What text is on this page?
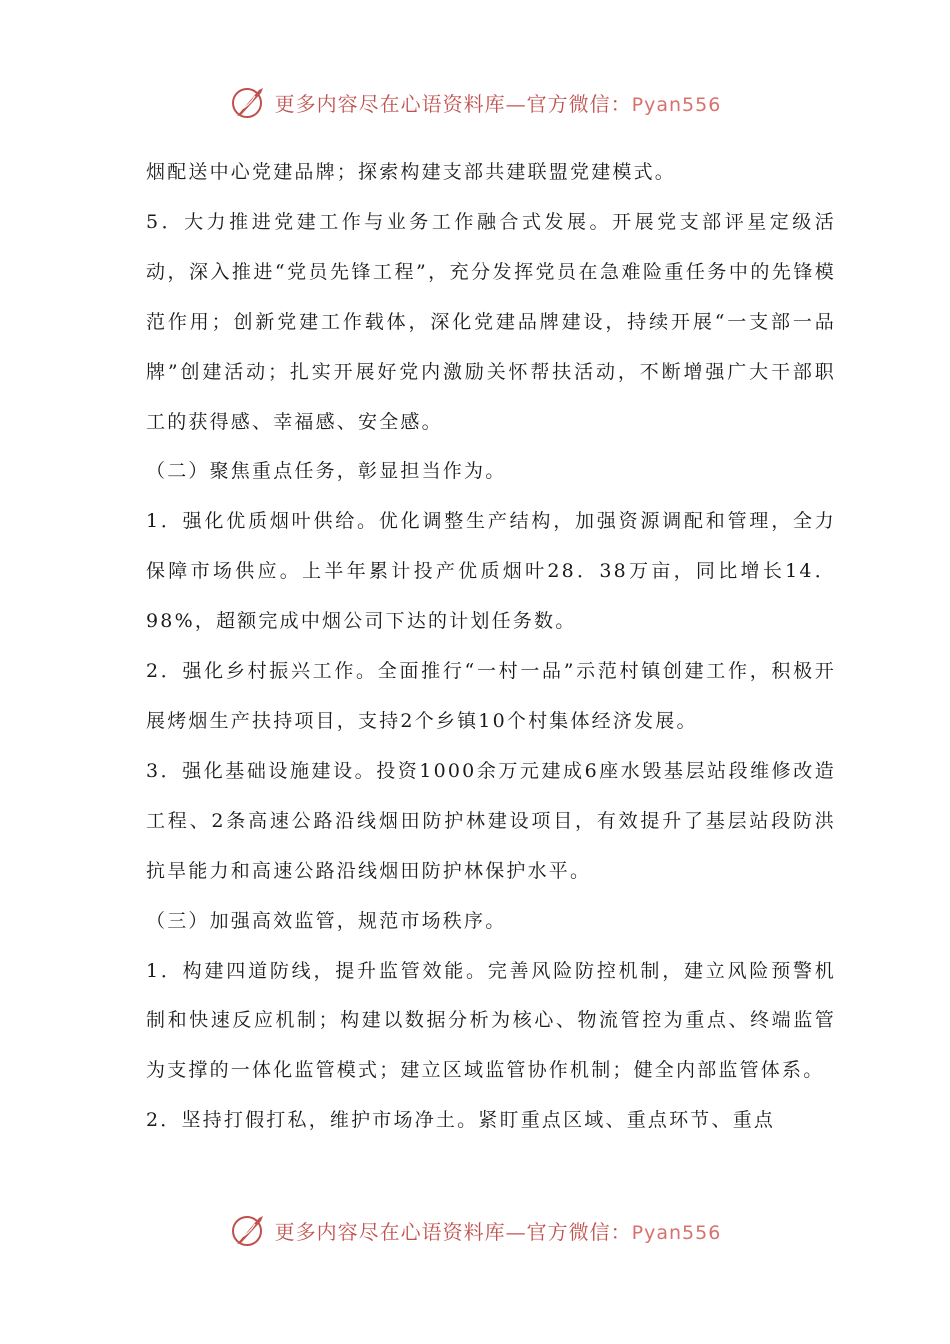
更多内容尽在心语资料库—官方微信：Pyan556

烟配送中心党建品牌；探索构建支部共建联盟党建模式。

5．大力推进党建工作与业务工作融合式发展。开展党支部评星定级活动，深入推进“党员先锋工程”，充分发挥党员在急难险重任务中的先锋模范作用；创新党建工作载体，深化党建品牌建设，持续开展“一支部一品牌”创建活动；扎实开展好党内激励关怀帮扶活动，不断增强广大干部职工的获得感、幸福感、安全感。

（二）聚焦重点任务，彰显担当作为。

1．强化优质烟叶供给。优化调整生产结构，加强资源调配和管理，全力保障市场供应。上半年累计投产优质烟叶28．38万亩，同比增长14．98%，超额完成中烟公司下达的计划任务数。

2．强化乡村振兴工作。全面推行“一村一品”示范村镇创建工作，积极开展烤烟生产扶持项目，支持2个乡镇10个村集体经济发展。

3．强化基础设施建设。投资1000余万元建成6座水毁基层站段维修改造工程、2条高速公路沿线烟田防护林建设项目，有效提升了基层站段防洪抗旱能力和高速公路沿线烟田防护林保护水平。

（三）加强高效监管，规范市场秩序。

1．构建四道防线，提升监管效能。完善风险防控机制，建立风险预警机制和快速反应机制；构建以数据分析为核心、物流管控为重点、终端监管为支撑的一体化监管模式；建立区域监管协作机制；健全内部监管体系。

2．坚持打假打私，维护市场净土。紧盯重点区域、重点环节、重点

更多内容尽在心语资料库—官方微信：Pyan556
